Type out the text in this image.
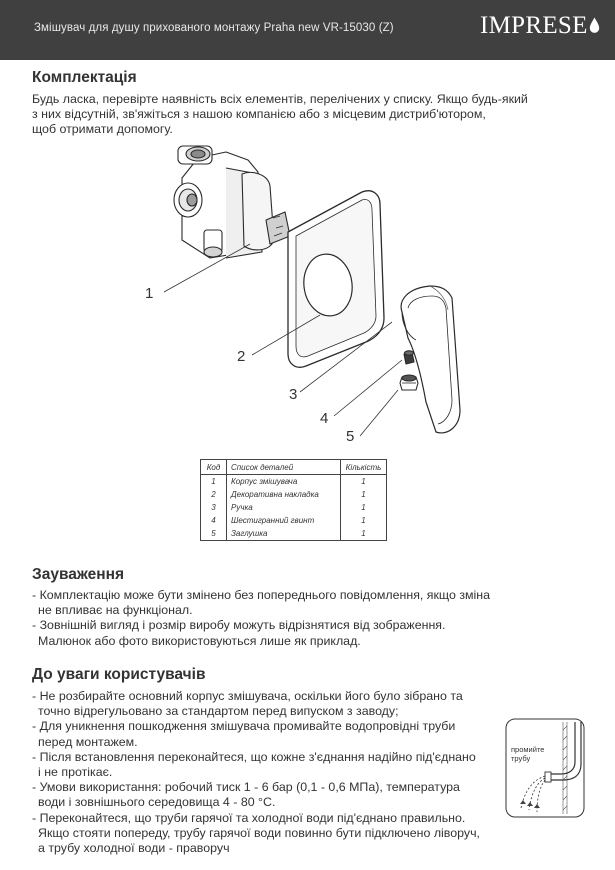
Змішувач для душу прихованого монтажу Praha new VR-15030 (Z)	IMPRESE
Комплектація
Будь ласка, перевірте наявність всіх елементів, перелічених у списку. Якщо будь-який
з них відсутній, зв'яжіться з нашою компанією або з місцевим дистриб'ютором,
щоб отримати допомогу.
1
2
3
4
5
Код	Список деталей	Кількість
1	Корпус змішувача	1
2	Декоративна накладка	1
3	Ручка	1
4	Шестигранний гвинт	1
5	Заглушка	1
Зауваження
- Комплектацію може бути змінено без попереднього повідомлення, якщо зміна
не впливає на функціонал.
- Зовнішній вигляд і розмір виробу можуть відрізнятися від зображення.
Малюнок або фото використовуються лише як приклад.
До уваги користувачів
- Не розбирайте основний корпус змішувача, оскільки його було зібрано та
точно відрегульовано за стандартом перед випуском з заводу;
- Для уникнення пошкодження змішувача промивайте водопровідні труби
перед монтажем.
- Після встановлення переконайтеся, що кожне з'єднання надійно під'єднано
і не протікає.
- Умови використання: робочий тиск 1 - 6 бар (0,1 - 0,6 МПа), температура
води і зовнішнього середовища 4 - 80 °C.
- Переконайтеся, що труби гарячої та холодної води під'єднано правильно.
Якщо стояти попереду, трубу гарячої води повинно бути підключено ліворуч,
а трубу холодної води - праворуч
промийте
трубу
